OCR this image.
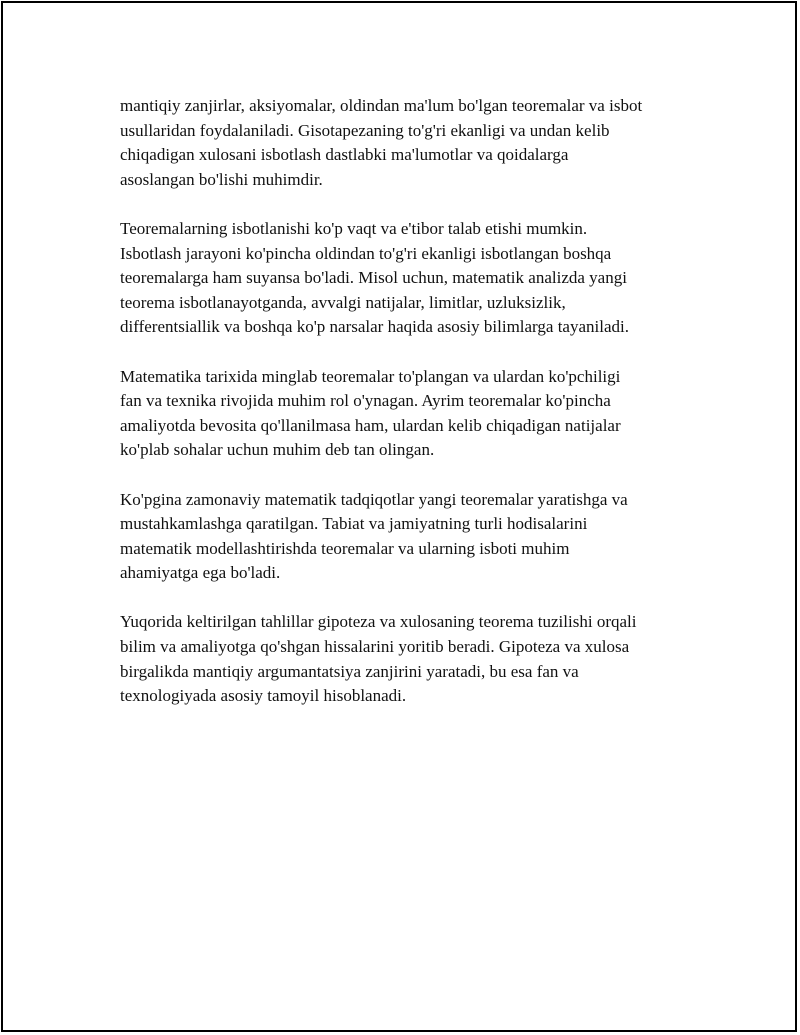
mantiqiy zanjirlar, aksiyomalar, oldindan ma'lum bo'lgan teoremalar va isbot
usullaridan foydalaniladi. Gisotapezaning to'g'ri ekanligi va undan kelib
chiqadigan xulosani isbotlash dastlabki ma'lumotlar va qoidalarga
asoslangan bo'lishi muhimdir.

Teoremalarning isbotlanishi ko'p vaqt va e'tibor talab etishi mumkin.
Isbotlash jarayoni ko'pincha oldindan to'g'ri ekanligi isbotlangan boshqa
teoremalarga ham suyansa bo'ladi. Misol uchun, matematik analizda yangi
teorema isbotlanayotganda, avvalgi natijalar, limitlar, uzluksizlik,
differentsiallik va boshqa ko'p narsalar haqida asosiy bilimlarga tayaniladi.

Matematika tarixida minglab teoremalar to'plangan va ulardan ko'pchiligi
fan va texnika rivojida muhim rol o'ynagan. Ayrim teoremalar ko'pincha
amaliyotda bevosita qo'llanilmasa ham, ulardan kelib chiqadigan natijalar
ko'plab sohalar uchun muhim deb tan olingan.

Ko'pgina zamonaviy matematik tadqiqotlar yangi teoremalar yaratishga va
mustahkamlashga qaratilgan. Tabiat va jamiyatning turli hodisalarini
matematik modellashtirishda teoremalar va ularning isboti muhim
ahamiyatga ega bo'ladi.

Yuqorida keltirilgan tahlillar gipoteza va xulosaning teorema tuzilishi orqali
bilim va amaliyotga qo'shgan hissalarini yoritib beradi. Gipoteza va xulosa
birgalikda mantiqiy argumantatsiya zanjirini yaratadi, bu esa fan va
texnologiyada asosiy tamoyil hisoblanadi.
